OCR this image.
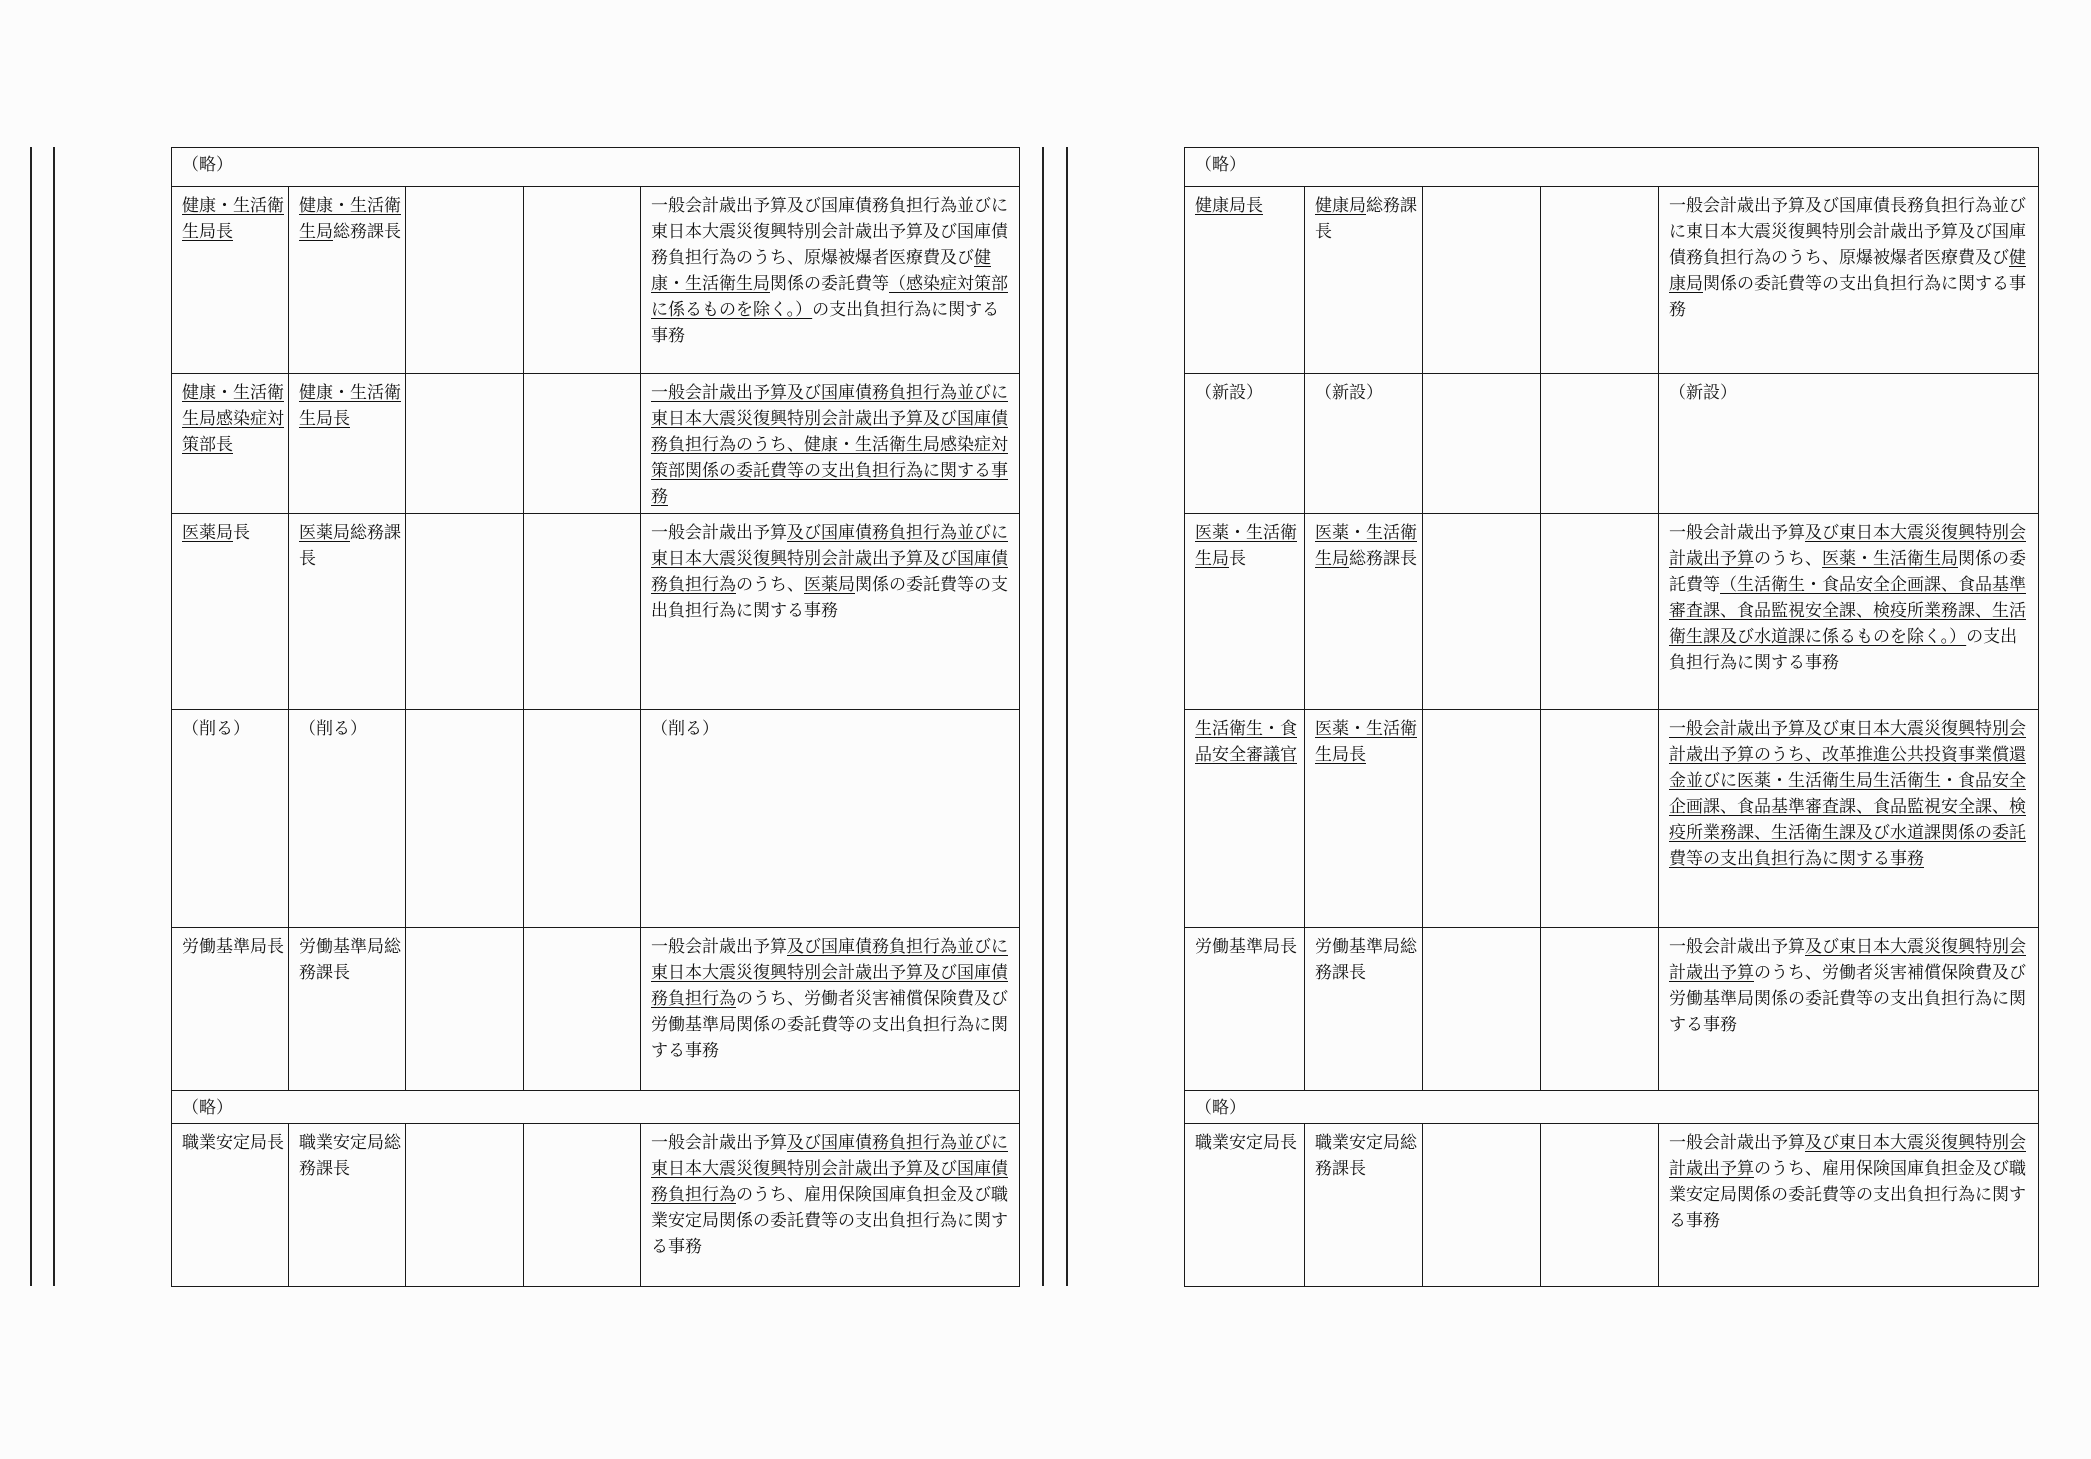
（略）				
健康・生活衛生局長	健康・生活衛生局総務課長			一般会計歳出予算及び国庫債務負担行為並びに東日本大震災復興特別会計歳出予算及び国庫債務負担行為のうち、原爆被爆者医療費及び健康・生活衛生局関係の委託費等（感染症対策部に係るものを除く。）の支出負担行為に関する事務
健康・生活衛生局感染症対策部長	健康・生活衛生局長			一般会計歳出予算及び国庫債務負担行為並びに東日本大震災復興特別会計歳出予算及び国庫債務負担行為のうち、健康・生活衛生局感染症対策部関係の委託費等の支出負担行為に関する事務
医薬局長	医薬局総務課長			一般会計歳出予算及び国庫債務負担行為並びに東日本大震災復興特別会計歳出予算及び国庫債務負担行為のうち、医薬局関係の委託費等の支出負担行為に関する事務
（削る）	（削る）			（削る）
労働基準局長	労働基準局総務課長			一般会計歳出予算及び国庫債務負担行為並びに東日本大震災復興特別会計歳出予算及び国庫債務負担行為のうち、労働者災害補償保険費及び労働基準局関係の委託費等の支出負担行為に関する事務
（略）				
職業安定局長	職業安定局総務課長			一般会計歳出予算及び国庫債務負担行為並びに東日本大震災復興特別会計歳出予算及び国庫債務負担行為のうち、雇用保険国庫負担金及び職業安定局関係の委託費等の支出負担行為に関する事務
（略）				
健康局長	健康局総務課長			一般会計歳出予算及び国庫債長務負担行為並びに東日本大震災復興特別会計歳出予算及び国庫債務負担行為のうち、原爆被爆者医療費及び健康局関係の委託費等の支出負担行為に関する事務
（新設）	（新設）			（新設）
医薬・生活衛生局長	医薬・生活衛生局総務課長			一般会計歳出予算及び東日本大震災復興特別会計歳出予算のうち、医薬・生活衛生局関係の委託費等（生活衛生・食品安全企画課、食品基準審査課、食品監視安全課、検疫所業務課、生活衛生課及び水道課に係るものを除く。）の支出負担行為に関する事務
生活衛生・食品安全審議官	医薬・生活衛生局長			一般会計歳出予算及び東日本大震災復興特別会計歳出予算のうち、改革推進公共投資事業償還金並びに医薬・生活衛生局生活衛生・食品安全企画課、食品基準審査課、食品監視安全課、検疫所業務課、生活衛生課及び水道課関係の委託費等の支出負担行為に関する事務
労働基準局長	労働基準局総務課長			一般会計歳出予算及び東日本大震災復興特別会計歳出予算のうち、労働者災害補償保険費及び労働基準局関係の委託費等の支出負担行為に関する事務
（略）				
職業安定局長	職業安定局総務課長			一般会計歳出予算及び東日本大震災復興特別会計歳出予算のうち、雇用保険国庫負担金及び職業安定局関係の委託費等の支出負担行為に関する事務
